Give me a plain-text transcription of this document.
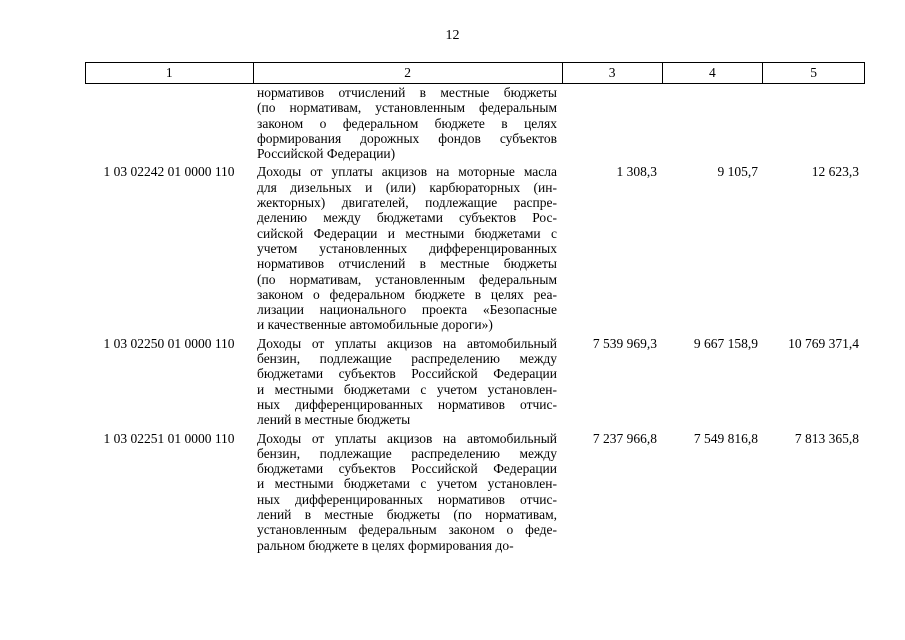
12
1	2	3	4	5
нормативов отчислений в местные бюджеты
(по нормативам, установленным федеральным
законом о федеральном бюджете в целях
формирования дорожных фондов субъектов
Российской Федерации)
1 03 02242 01 0000 110	Доходы от уплаты акцизов на моторные масла
для дизельных и (или) карбюраторных (ин-
жекторных) двигателей, подлежащие распре-
делению между бюджетами субъектов Рос-
сийской Федерации и местными бюджетами с
учетом установленных дифференцированных
нормативов отчислений в местные бюджеты
(по нормативам, установленным федеральным
законом о федеральном бюджете в целях реа-
лизации национального проекта «Безопасные
и качественные автомобильные дороги»)
1 308,3	9 105,7	12 623,3
1 03 02250 01 0000 110	Доходы от уплаты акцизов на автомобильный
бензин, подлежащие распределению между
бюджетами субъектов Российской Федерации
и местными бюджетами с учетом установлен-
ных дифференцированных нормативов отчис-
лений в местные бюджеты
7 539 969,3	9 667 158,9	10 769 371,4
1 03 02251 01 0000 110	Доходы от уплаты акцизов на автомобильный
бензин, подлежащие распределению между
бюджетами субъектов Российской Федерации
и местными бюджетами с учетом установлен-
ных дифференцированных нормативов отчис-
лений в местные бюджеты (по нормативам,
установленным федеральным законом о феде-
ральном бюджете в целях формирования до-
7 237 966,8	7 549 816,8	7 813 365,8
